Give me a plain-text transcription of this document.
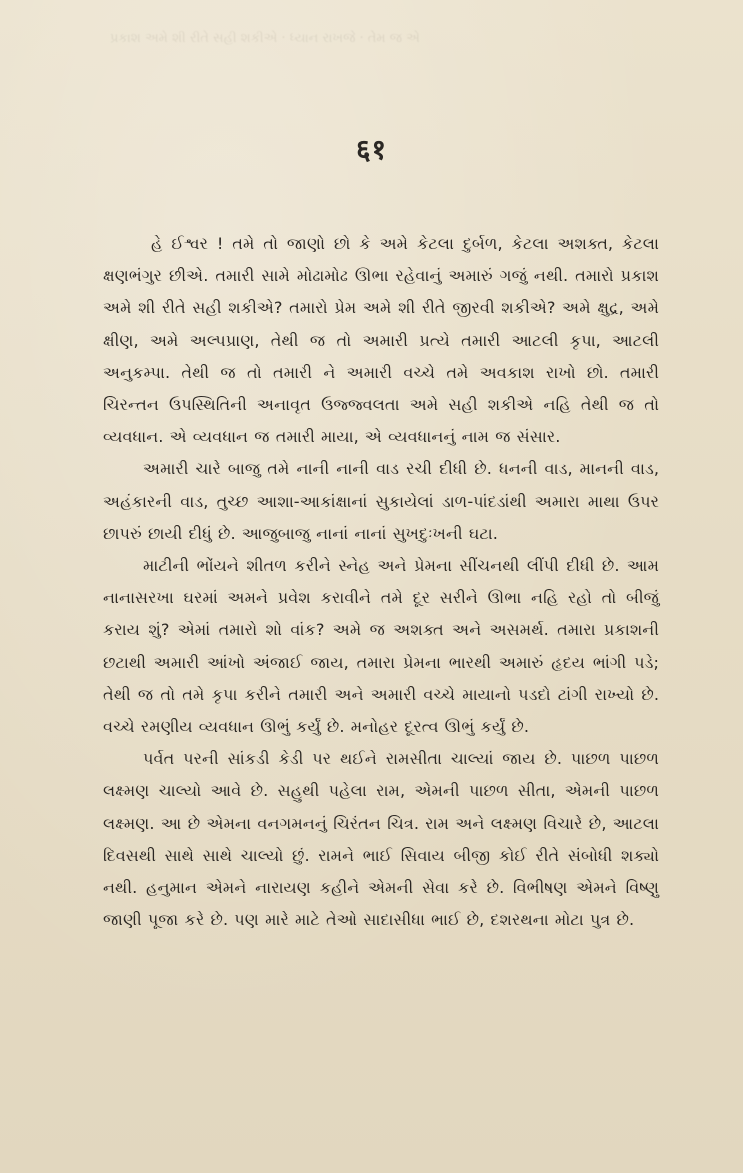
પ્રકાશ અમે શી રીતે સહી શકીએ · ધ્યાન રાખજે · તેમ જ એ
६१

હે ઈશ્વર ! તમે તો જાણો છો કે અમે કેટલા દુર્બળ, કેટલા અશક્ત, કેટલા ક્ષણભંગુર છીએ. તમારી સામે મોઢામોઢ ઊભા રહેવાનું અમારું ગજું નથી. તમારો પ્રકાશ અમે શી રીતે સહી શકીએ? તમારો પ્રેમ અમે શી રીતે જીરવી શકીએ? અમે ક્ષુદ્ર, અમે ક્ષીણ, અમે અલ્પપ્રાણ, તેથી જ તો અમારી પ્રત્યે તમારી આટલી કૃપા, આટલી અનુકમ્પા. તેથી જ તો તમારી ને અમારી વચ્ચે તમે અવકાશ રાખો છો. તમારી ચિરન્તન ઉપસ્થિતિની અનાવૃત ઉજ્જ્વલતા અમે સહી શકીએ નહિ તેથી જ તો વ્યવધાન. એ વ્યવધાન જ તમારી માયા, એ વ્યવધાનનું નામ જ સંસાર.

અમારી ચારે બાજુ તમે નાની નાની વાડ રચી દીધી છે. ધનની વાડ, માનની વાડ, અહંકારની વાડ, તુચ્છ આશા-આકાંક્ષાનાં સુકાયેલાં ડાળ-પાંદડાંથી અમારા માથા ઉપર છાપરું છાયી દીધું છે. આજુબાજુ નાનાં નાનાં સુખદુઃખની ઘટા.

માટીની ભોંયને શીતળ કરીને સ્નેહ અને પ્રેમના સીંચનથી લીંપી દીધી છે. આમ નાનાસરખા ઘરમાં અમને પ્રવેશ કરાવીને તમે દૂર સરીને ઊભા નહિ રહો તો બીજું કરાય શું? એમાં તમારો શો વાંક? અમે જ અશક્ત અને અસમર્થ. તમારા પ્રકાશની છટાથી અમારી આંખો અંજાઈ જાય, તમારા પ્રેમના ભારથી અમારું હૃદય ભાંગી પડે; તેથી જ તો તમે કૃપા કરીને તમારી અને અમારી વચ્ચે માયાનો પડદો ટાંગી રાખ્યો છે. વચ્ચે રમણીય વ્યવધાન ઊભું કર્યું છે. મનોહર દૂરત્વ ઊભું કર્યું છે.

પર્વત પરની સાંકડી કેડી પર થઈને રામસીતા ચાલ્યાં જાય છે. પાછળ પાછળ લક્ષ્મણ ચાલ્યો આવે છે. સહુથી પહેલા રામ, એમની પાછળ સીતા, એમની પાછળ લક્ષ્મણ. આ છે એમના વનગમનનું ચિરંતન ચિત્ર. રામ અને લક્ષ્મણ વિચારે છે, આટલા દિવસથી સાથે સાથે ચાલ્યો છું. રામને ભાઈ સિવાય બીજી કોઈ રીતે સંબોધી શક્યો નથી. હનુમાન એમને નારાયણ કહીને એમની સેવા કરે છે. વિભીષણ એમને વિષ્ણુ જાણી પૂજા કરે છે. પણ મારે માટે તેઓ સાદાસીધા ભાઈ છે, દશરથના મોટા પુત્ર છે.
